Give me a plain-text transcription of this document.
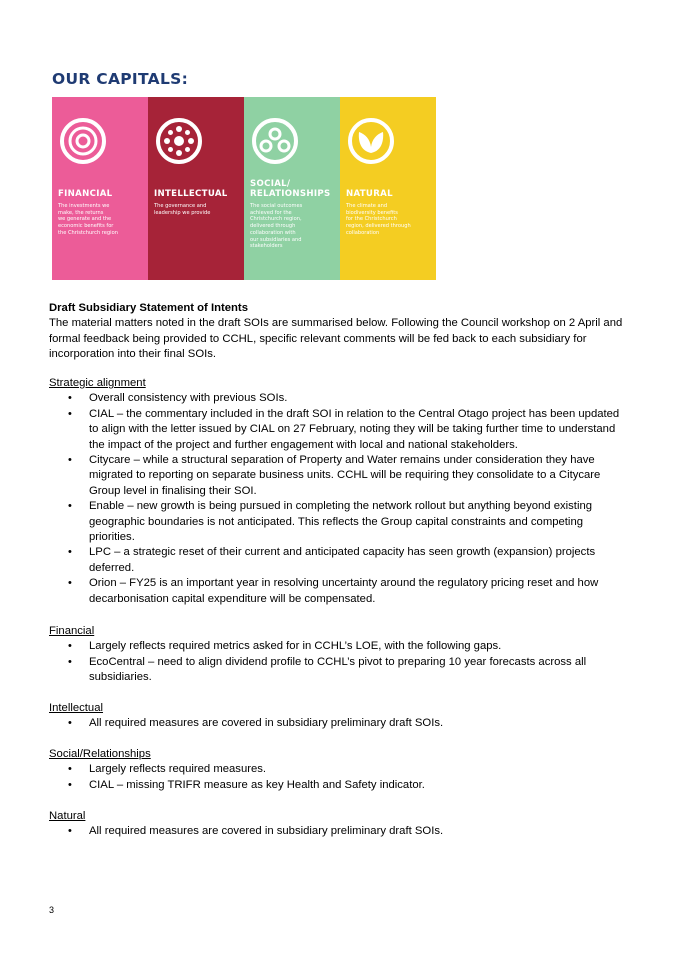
OUR CAPITALS:
FINANCIAL
The investments we
make, the returns
we generate and the
economic benefits for
the Christchurch region
INTELLECTUAL
The governance and
leadership we provide
SOCIAL/
RELATIONSHIPS
The social outcomes
achieved for the
Christchurch region,
delivered through
collaboration with
our subsidiaries and
stakeholders
NATURAL
The climate and
biodiversity benefits
for the Christchurch
region, delivered through
collaboration
Draft Subsidiary Statement of Intents
The material matters noted in the draft SOIs are summarised below. Following the Council workshop on 2 April and formal feedback being provided to CCHL, specific relevant comments will be fed back to each subsidiary for incorporation into their final SOIs.
Strategic alignment
• Overall consistency with previous SOIs.
• CIAL – the commentary included in the draft SOI in relation to the Central Otago project has been updated to align with the letter issued by CIAL on 27 February, noting they will be taking further time to understand the impact of the project and further engagement with local and national stakeholders.
• Citycare – while a structural separation of Property and Water remains under consideration they have migrated to reporting on separate business units. CCHL will be requiring they consolidate to a Citycare Group level in finalising their SOI.
• Enable – new growth is being pursued in completing the network rollout but anything beyond existing geographic boundaries is not anticipated. This reflects the Group capital constraints and competing priorities.
• LPC – a strategic reset of their current and anticipated capacity has seen growth (expansion) projects deferred.
• Orion – FY25 is an important year in resolving uncertainty around the regulatory pricing reset and how decarbonisation capital expenditure will be compensated.
Financial
• Largely reflects required metrics asked for in CCHL’s LOE, with the following gaps.
• EcoCentral – need to align dividend profile to CCHL’s pivot to preparing 10 year forecasts across all subsidiaries.
Intellectual
• All required measures are covered in subsidiary preliminary draft SOIs.
Social/Relationships
• Largely reflects required measures.
• CIAL – missing TRIFR measure as key Health and Safety indicator.
Natural
• All required measures are covered in subsidiary preliminary draft SOIs.
3
